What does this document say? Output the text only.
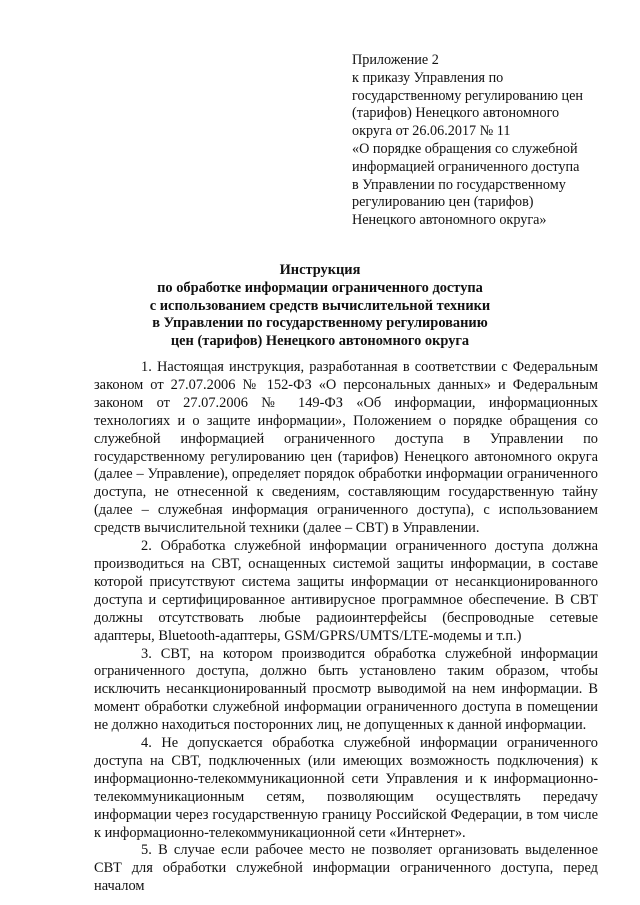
Приложение 2
к приказу Управления по
государственному регулированию цен
(тарифов) Ненецкого автономного
округа от 26.06.2017 № 11
«О порядке обращения со служебной
информацией ограниченного доступа
в Управлении по государственному
регулированию цен (тарифов)
Ненецкого автономного округа»
Инструкция
по обработке информации ограниченного доступа
с использованием средств вычислительной техники
в Управлении по государственному регулированию
цен (тарифов) Ненецкого автономного округа

1. Настоящая инструкция, разработанная в соответствии с Федеральным законом от 27.07.2006 № 152-ФЗ «О персональных данных» и Федеральным законом от 27.07.2006 № 149-ФЗ «Об информации, информационных технологиях и о защите информации», Положением о порядке обращения со служебной информацией ограниченного доступа в Управлении по государственному регулированию цен (тарифов) Ненецкого автономного округа (далее – Управление), определяет порядок обработки информации ограниченного доступа, не отнесенной к сведениям, составляющим государственную тайну (далее – служебная информация ограниченного доступа), с использованием средств вычислительной техники (далее – СВТ) в Управлении.

2. Обработка служебной информации ограниченного доступа должна производиться на СВТ, оснащенных системой защиты информации, в составе которой присутствуют система защиты информации от несанкционированного доступа и сертифицированное антивирусное программное обеспечение. В СВТ должны отсутствовать любые радиоинтерфейсы (беспроводные сетевые адаптеры, Bluetooth-адаптеры, GSM/GPRS/UMTS/LTE-модемы и т.п.)

3. СВТ, на котором производится обработка служебной информации ограниченного доступа, должно быть установлено таким образом, чтобы исключить несанкционированный просмотр выводимой на нем информации. В момент обработки служебной информации ограниченного доступа в помещении не должно находиться посторонних лиц, не допущенных к данной информации.

4. Не допускается обработка служебной информации ограниченного доступа на СВТ, подключенных (или имеющих возможность подключения) к информационно-телекоммуникационной сети Управления и к информационно-телекоммуникационным сетям, позволяющим осуществлять передачу информации через государственную границу Российской Федерации, в том числе к информационно-телекоммуникационной сети «Интернет».

5. В случае если рабочее место не позволяет организовать выделенное СВТ для обработки служебной информации ограниченного доступа, перед началом
